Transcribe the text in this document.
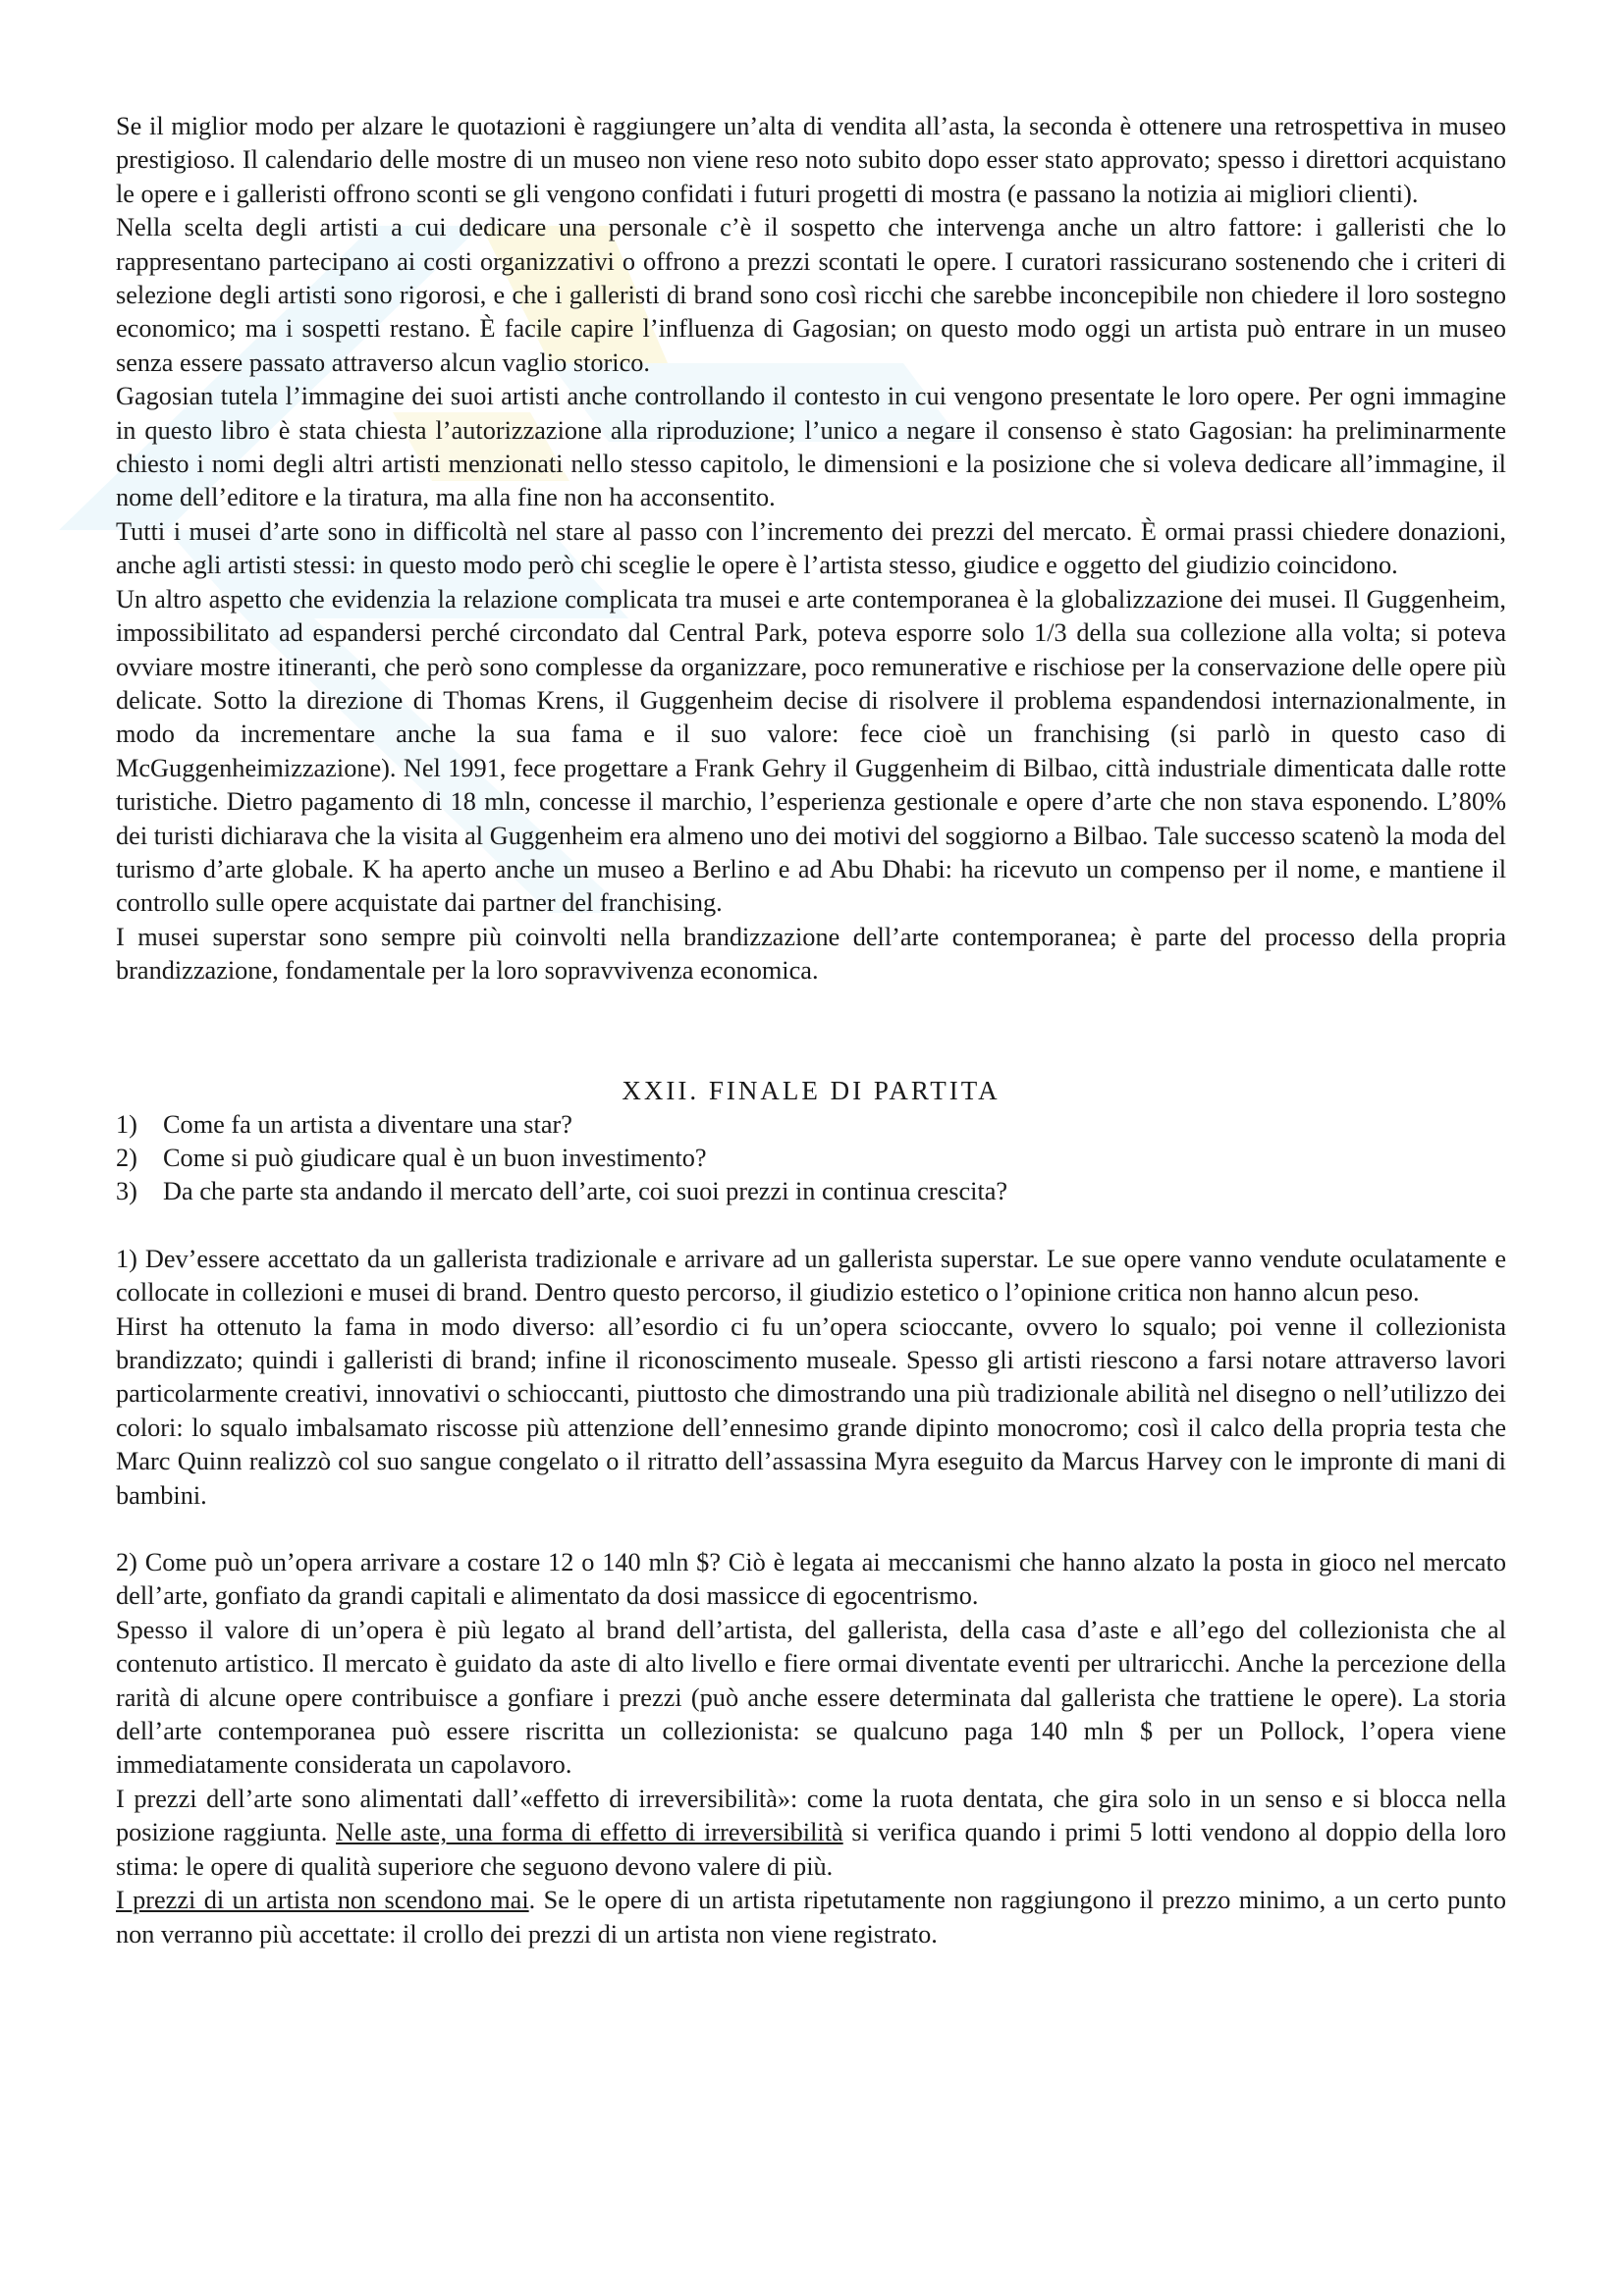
Se il miglior modo per alzare le quotazioni è raggiungere un’alta di vendita all’asta, la seconda è ottenere una retrospettiva in museo prestigioso. Il calendario delle mostre di un museo non viene reso noto subito dopo esser stato approvato; spesso i direttori acquistano le opere e i galleristi offrono sconti se gli vengono confidati i futuri progetti di mostra (e passano la notizia ai migliori clienti).

Nella scelta degli artisti a cui dedicare una personale c’è il sospetto che intervenga anche un altro fattore: i galleristi che lo rappresentano partecipano ai costi organizzativi o offrono a prezzi scontati le opere. I curatori rassicurano sostenendo che i criteri di selezione degli artisti sono rigorosi, e che i galleristi di brand sono così ricchi che sarebbe inconcepibile non chiedere il loro sostegno economico; ma i sospetti restano. È facile capire l’influenza di Gagosian; on questo modo oggi un artista può entrare in un museo senza essere passato attraverso alcun vaglio storico.

Gagosian tutela l’immagine dei suoi artisti anche controllando il contesto in cui vengono presentate le loro opere. Per ogni immagine in questo libro è stata chiesta l’autorizzazione alla riproduzione; l’unico a negare il consenso è stato Gagosian: ha preliminarmente chiesto i nomi degli altri artisti menzionati nello stesso capitolo, le dimensioni e la posizione che si voleva dedicare all’immagine, il nome dell’editore e la tiratura, ma alla fine non ha acconsentito.

Tutti i musei d’arte sono in difficoltà nel stare al passo con l’incremento dei prezzi del mercato. È ormai prassi chiedere donazioni, anche agli artisti stessi: in questo modo però chi sceglie le opere è l’artista stesso, giudice e oggetto del giudizio coincidono.

Un altro aspetto che evidenzia la relazione complicata tra musei e arte contemporanea è la globalizzazione dei musei. Il Guggenheim, impossibilitato ad espandersi perché circondato dal Central Park, poteva esporre solo 1/3 della sua collezione alla volta; si poteva ovviare mostre itineranti, che però sono complesse da organizzare, poco remunerative e rischiose per la conservazione delle opere più delicate. Sotto la direzione di Thomas Krens, il Guggenheim decise di risolvere il problema espandendosi internazionalmente, in modo da incrementare anche la sua fama e il suo valore: fece cioè un franchising (si parlò in questo caso di McGuggenheimizzazione). Nel 1991, fece progettare a Frank Gehry il Guggenheim di Bilbao, città industriale dimenticata dalle rotte turistiche. Dietro pagamento di 18 mln, concesse il marchio, l’esperienza gestionale e opere d’arte che non stava esponendo. L’80% dei turisti dichiarava che la visita al Guggenheim era almeno uno dei motivi del soggiorno a Bilbao. Tale successo scatenò la moda del turismo d’arte globale. K ha aperto anche un museo a Berlino e ad Abu Dhabi: ha ricevuto un compenso per il nome, e mantiene il controllo sulle opere acquistate dai partner del franchising.

I musei superstar sono sempre più coinvolti nella brandizzazione dell’arte contemporanea; è parte del processo della propria brandizzazione, fondamentale per la loro sopravvivenza economica.

XXII. FINALE DI PARTITA
1) Come fa un artista a diventare una star?
2) Come si può giudicare qual è un buon investimento?
3) Da che parte sta andando il mercato dell’arte, coi suoi prezzi in continua crescita?

1) Dev’essere accettato da un gallerista tradizionale e arrivare ad un gallerista superstar. Le sue opere vanno vendute oculatamente e collocate in collezioni e musei di brand. Dentro questo percorso, il giudizio estetico o l’opinione critica non hanno alcun peso.

Hirst ha ottenuto la fama in modo diverso: all’esordio ci fu un’opera scioccante, ovvero lo squalo; poi venne il collezionista brandizzato; quindi i galleristi di brand; infine il riconoscimento museale. Spesso gli artisti riescono a farsi notare attraverso lavori particolarmente creativi, innovativi o schioccanti, piuttosto che dimostrando una più tradizionale abilità nel disegno o nell’utilizzo dei colori: lo squalo imbalsamato riscosse più attenzione dell’ennesimo grande dipinto monocromo; così il calco della propria testa che Marc Quinn realizzò col suo sangue congelato o il ritratto dell’assassina Myra eseguito da Marcus Harvey con le impronte di mani di bambini.

2) Come può un’opera arrivare a costare 12 o 140 mln $? Ciò è legata ai meccanismi che hanno alzato la posta in gioco nel mercato dell’arte, gonfiato da grandi capitali e alimentato da dosi massicce di egocentrismo.

Spesso il valore di un’opera è più legato al brand dell’artista, del gallerista, della casa d’aste e all’ego del collezionista che al contenuto artistico. Il mercato è guidato da aste di alto livello e fiere ormai diventate eventi per ultraricchi. Anche la percezione della rarità di alcune opere contribuisce a gonfiare i prezzi (può anche essere determinata dal gallerista che trattiene le opere). La storia dell’arte contemporanea può essere riscritta un collezionista: se qualcuno paga 140 mln $ per un Pollock, l’opera viene immediatamente considerata un capolavoro.

I prezzi dell’arte sono alimentati dall’«effetto di irreversibilità»: come la ruota dentata, che gira solo in un senso e si blocca nella posizione raggiunta. Nelle aste, una forma di effetto di irreversibilità si verifica quando i primi 5 lotti vendono al doppio della loro stima: le opere di qualità superiore che seguono devono valere di più.

I prezzi di un artista non scendono mai. Se le opere di un artista ripetutamente non raggiungono il prezzo minimo, a un certo punto non verranno più accettate: il crollo dei prezzi di un artista non viene registrato.
